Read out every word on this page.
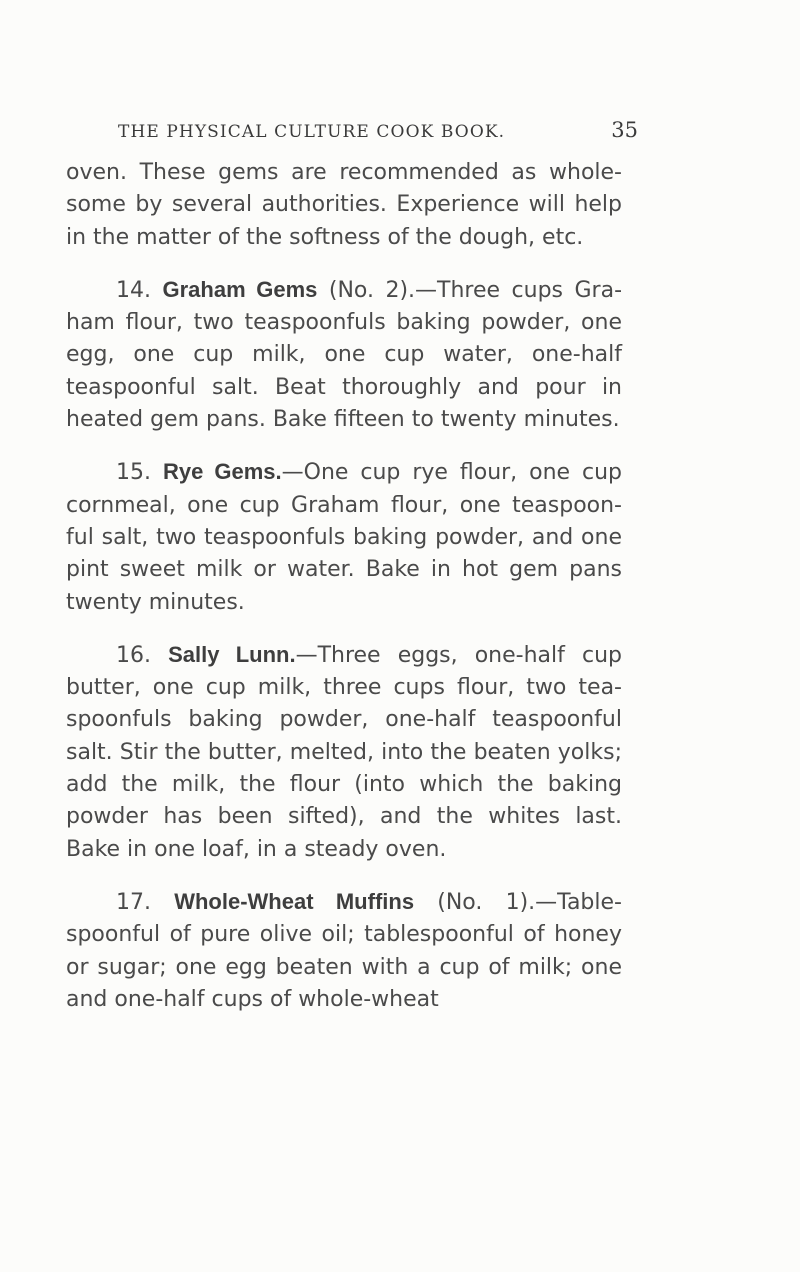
THE PHYSICAL CULTURE COOK BOOK.	35

oven. These gems are recommended as whole-some by several authorities. Experience will help in the matter of the softness of the dough, etc.

14. Graham Gems (No. 2).—Three cups Gra-ham flour, two teaspoonfuls baking powder, one egg, one cup milk, one cup water, one-half teaspoonful salt. Beat thoroughly and pour in heated gem pans. Bake fifteen to twenty minutes.

15. Rye Gems.—One cup rye flour, one cup cornmeal, one cup Graham flour, one teaspoon-ful salt, two teaspoonfuls baking powder, and one pint sweet milk or water. Bake in hot gem pans twenty minutes.

16. Sally Lunn.—Three eggs, one-half cup butter, one cup milk, three cups flour, two tea-spoonfuls baking powder, one-half teaspoonful salt. Stir the butter, melted, into the beaten yolks; add the milk, the flour (into which the baking powder has been sifted), and the whites last. Bake in one loaf, in a steady oven.

17. Whole-Wheat Muffins (No. 1).—Table-spoonful of pure olive oil; tablespoonful of honey or sugar; one egg beaten with a cup of milk; one and one-half cups of whole-wheat
